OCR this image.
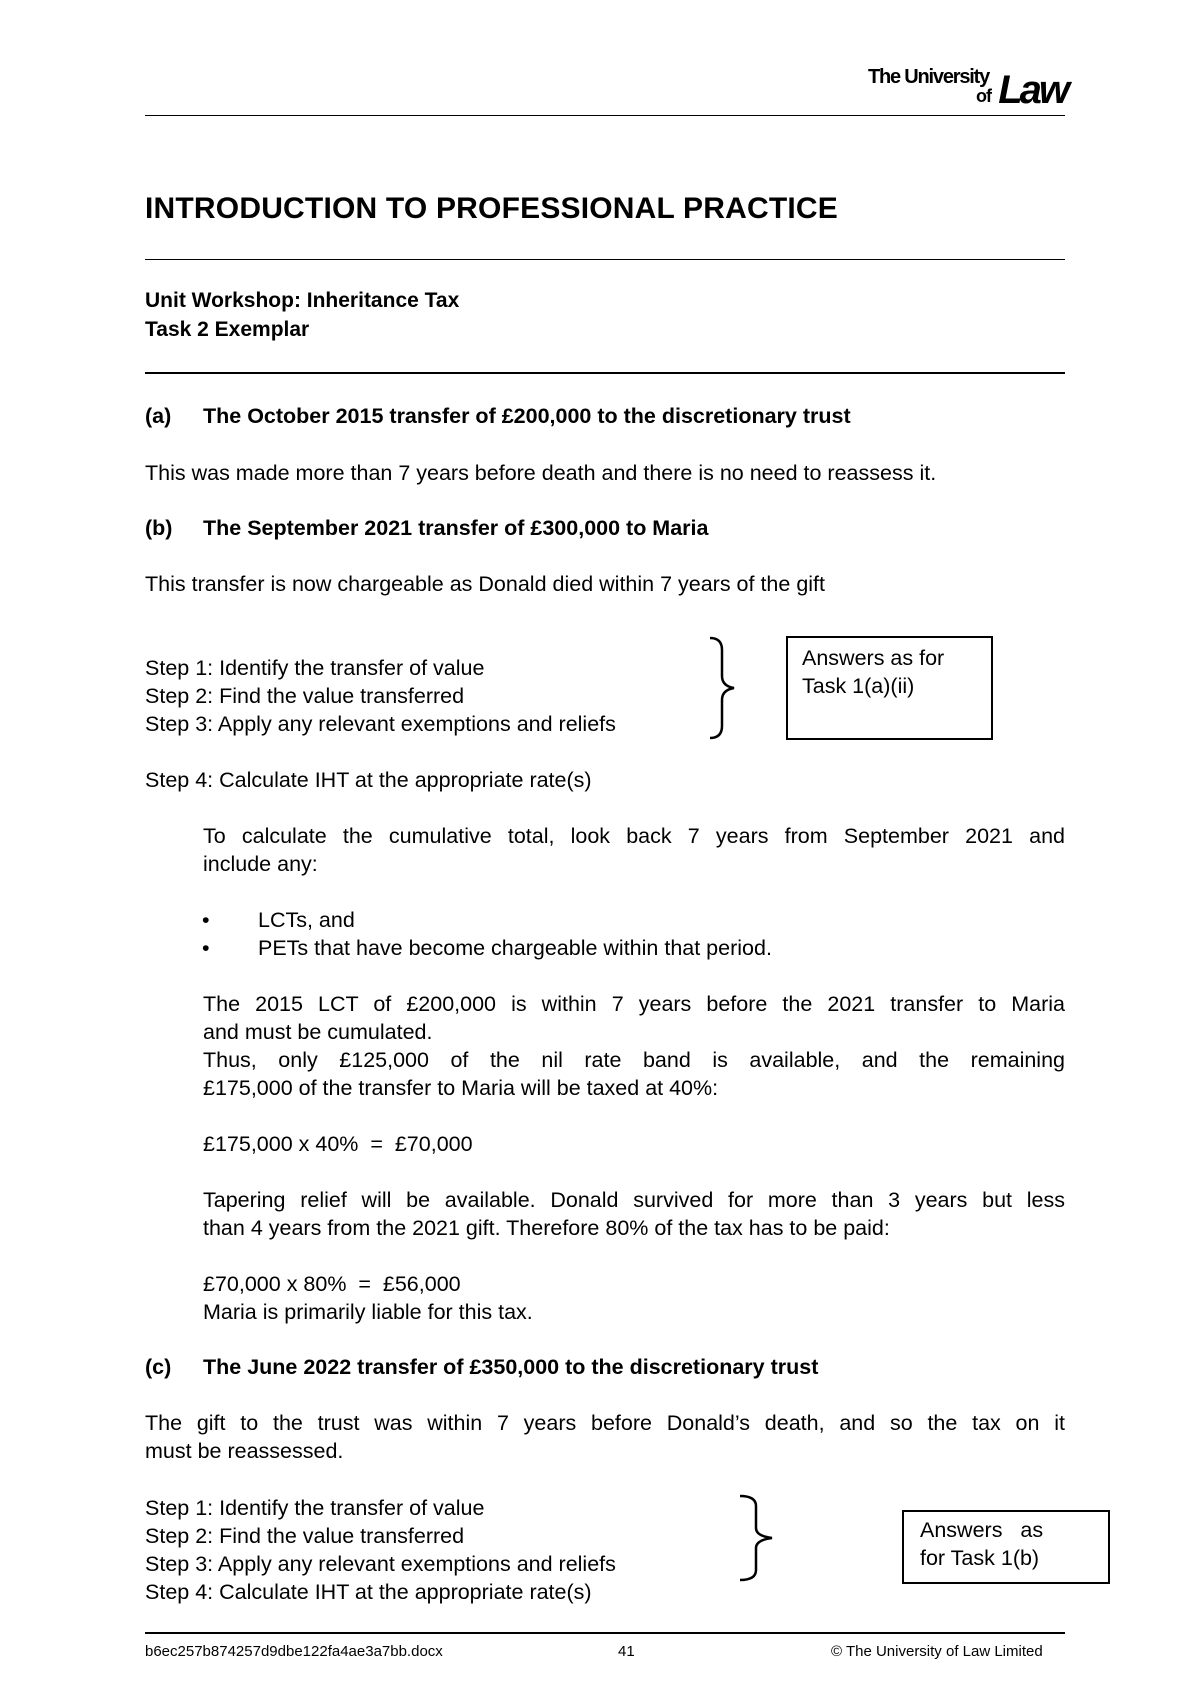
The University
of Law
INTRODUCTION TO PROFESSIONAL PRACTICE
Unit Workshop: Inheritance Tax
Task 2 Exemplar
(a) The October 2015 transfer of £200,000 to the discretionary trust
This was made more than 7 years before death and there is no need to reassess it.
(b) The September 2021 transfer of £300,000 to Maria
This transfer is now chargeable as Donald died within 7 years of the gift
Step 1: Identify the transfer of value
Step 2: Find the value transferred
Step 3: Apply any relevant exemptions and reliefs
Answers as for
Task 1(a)(ii)
Step 4: Calculate IHT at the appropriate rate(s)
To calculate the cumulative total, look back 7 years from September 2021 and
include any:
• LCTs, and
• PETs that have become chargeable within that period.
The 2015 LCT of £200,000 is within 7 years before the 2021 transfer to Maria
and must be cumulated.
Thus, only £125,000 of the nil rate band is available, and the remaining
£175,000 of the transfer to Maria will be taxed at 40%:
£175,000 x 40%  =  £70,000
Tapering relief will be available. Donald survived for more than 3 years but less
than 4 years from the 2021 gift. Therefore 80% of the tax has to be paid:
£70,000 x 80%  =  £56,000
Maria is primarily liable for this tax.
(c) The June 2022 transfer of £350,000 to the discretionary trust
The gift to the trust was within 7 years before Donald’s death, and so the tax on it
must be reassessed.
Step 1: Identify the transfer of value
Step 2: Find the value transferred
Step 3: Apply any relevant exemptions and reliefs
Step 4: Calculate IHT at the appropriate rate(s)
Answers   as
for Task 1(b)
b6ec257b874257d9dbe122fa4ae3a7bb.docx	41	© The University of Law Limited
